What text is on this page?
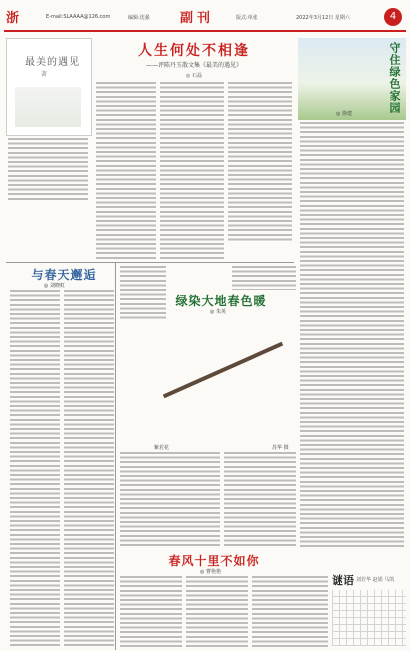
浙	E-mail:SLAAAA@126.com	编辑:沈强 副刊	版式:单张	2022年3月12日 星期六	4
最美的遇见
著
人生何处不相逢
——评陈丹玉散文集《最美的遇见》
◎ 石磊	守住绿色家园
◎ 徐建
与春天邂逅
◎ 刘晓虹
绿染大地春色暖
◎ 朱英
紫若花	苏华 摄
春风十里不如你
◎ 曹艳艳
谜语 刘若华 赵娟 马凯
